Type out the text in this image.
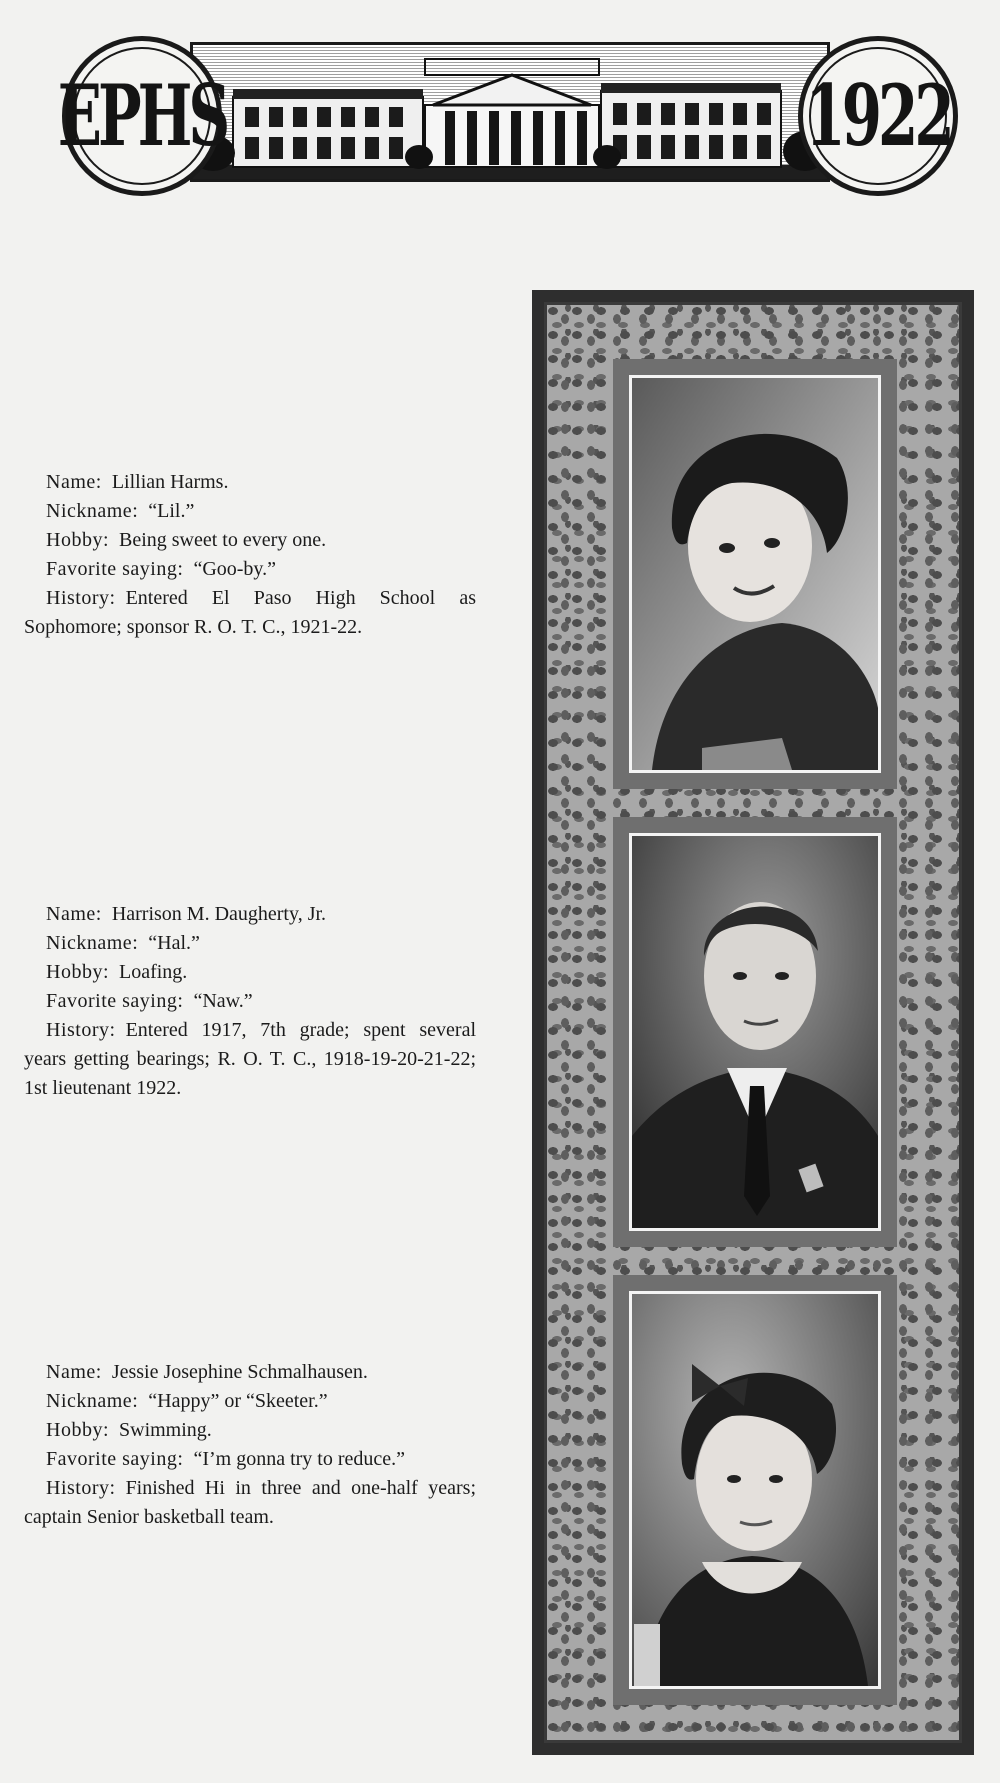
EPHS	1922

Name: Lillian Harms.

Nickname: “Lil.”

Hobby: Being sweet to every one.

Favorite saying: “Goo-by.”

History: Entered El Paso High School as Sophomore; sponsor R. O. T. C., 1921-22.

Name: Harrison M. Daugherty, Jr.

Nickname: “Hal.”

Hobby: Loafing.

Favorite saying: “Naw.”

History: Entered 1917, 7th grade; spent several years getting bearings; R. O. T. C., 1918-19-20-21-22; 1st lieutenant 1922.

Name: Jessie Josephine Schmalhausen.

Nickname: “Happy” or “Skeeter.”

Hobby: Swimming.

Favorite saying: “I’m gonna try to reduce.”

History: Finished Hi in three and one-half years; captain Senior basketball team.
